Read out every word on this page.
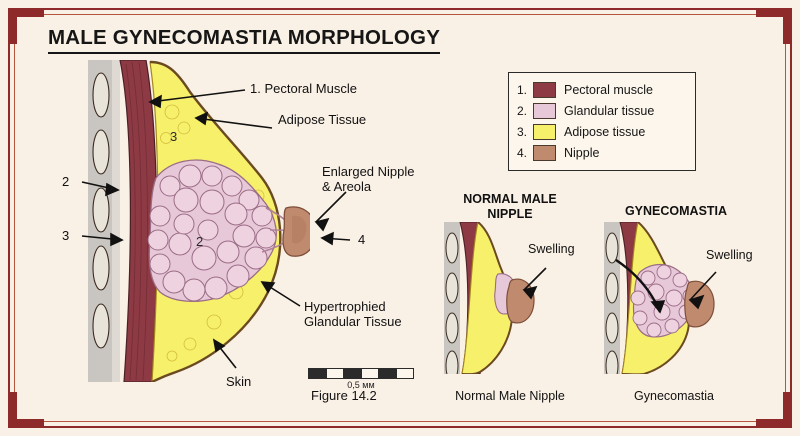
MALE GYNECOMASTIA MORPHOLOGY
1.	Pectoral muscle
2.	Glandular tissue
3.	Adipose tissue
4.	Nipple
1. Pectoral Muscle
Adipose Tissue
Enlarged Nipple
& Areola
Hypertrophied
Glandular Tissue
Skin
2
3
3
2	4
0,5 мм
Figure 14.2
NORMAL MALE
NIPPLE
Swelling
Normal Male Nipple
GYNECOMASTIA
Swelling
Gynecomastia
